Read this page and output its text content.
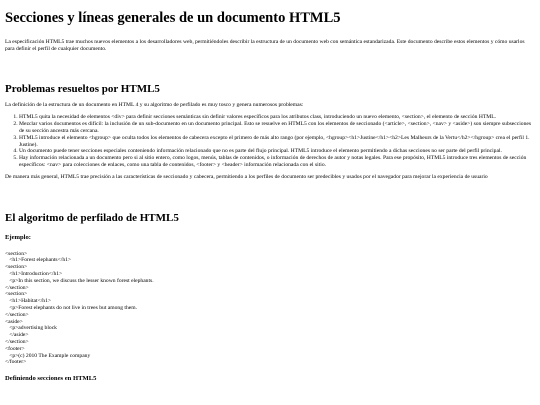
Secciones y líneas generales de un documento HTML5

La especificación HTML5 trae muchos nuevos elementos a los desarrolladores web, permitiéndoles describir la estructura de un documento web con semántica estandarizada. Este documento describe estos elementos y cómo usarlos para definir el perfil de cualquier documento.

Problemas resueltos por HTML5

La definición de la estructura de un documento en HTML 4 y su algoritmo de perfilado es muy tosco y genera numerosos problemas:

1. HTML5 quita la necesidad de elementos <div> para definir secciones semánticas sin definir valores específicos para los atributos class, introduciendo un nuevo elemento, <section>, el elemento de sección HTML.
2. Mezclar varios documentos es difícil: la inclusión de un sub-documento en un documento principal. Esto se resuelve en HTML5 con los elementos de seccionado (<article>, <section>, <nav> y <aside>) son siempre subsecciones de su sección ancestra más cercana.
3. HTML5 introduce el elemento <hgroup> que oculta todos los elementos de cabecera excepto el primero de más alto rango (por ejemplo, <hgroup><h1>Justine</h1><h2>Les Malheurs de la Vertu</h2></hgroup> crea el perfil 1. Justine).
4. Un documento puede tener secciones especiales conteniendo información relacionado que no es parte del flujo principal. HTML5 introduce el elemento permitiendo a dichas secciones no ser parte del perfil principal.
5. Hay información relacionada a un documento pero si al sitio entero, como logos, menús, tablas de contenidos, o información de derechos de autor y notas legales. Para ese propósito, HTML5 introduce tres elementos de sección específicos: <nav> para colecciones de enlaces, como una tabla de contenidos, <footer> y <header> información relacionada con el sitio.

De manera más general, HTML5 trae precisión a las características de seccionado y cabecera, permitiendo a los perfiles de documento ser predecibles y usados por el navegador para mejorar la experiencia de usuario

El algoritmo de perfilado de HTML5
Ejemplo:
<section>
<h1>Forest elephants</h1>
<section>
<h1>Introduction</h1>
<p>In this section, we discuss the lesser known forest elephants.
</section>
<section>
<h1>Habitat</h1>
<p>Forest elephants do not live in trees but among them.
</section>
<aside>
<p>advertising block
</aside>
</section>
<footer>
<p>(c) 2010 The Example company
</footer>
Definiendo secciones en HTML5
